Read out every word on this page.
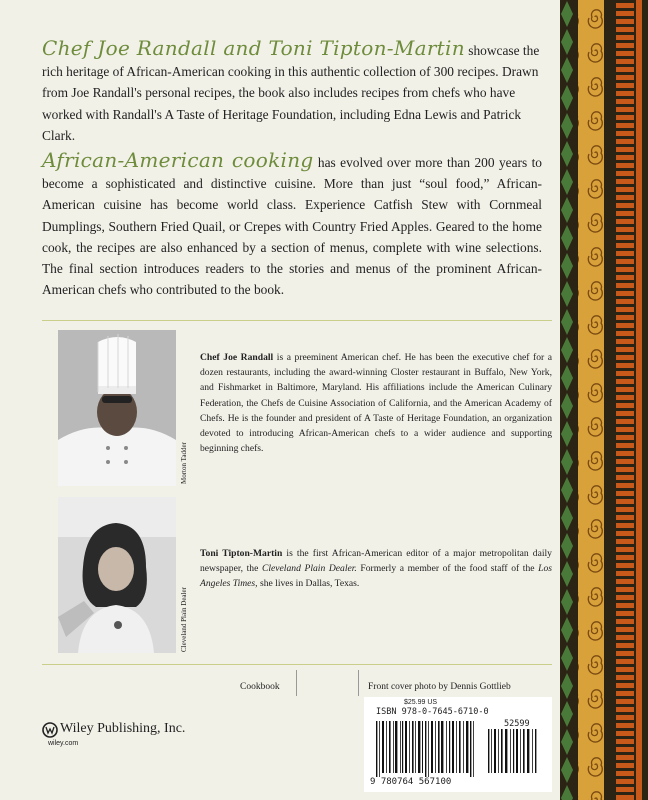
Chef Joe Randall and Toni Tipton-Martin showcase the rich heritage of African-American cooking in this authentic collection of 300 recipes. Drawn from Joe Randall's personal recipes, the book also includes recipes from chefs who have worked with Randall's A Taste of Heritage Foundation, including Edna Lewis and Patrick Clark.

African-American cooking has evolved over more than 200 years to become a sophisticated and distinctive cuisine. More than just “soul food,” African-American cuisine has become world class. Experience Catfish Stew with Cornmeal Dumplings, Southern Fried Quail, or Crepes with Country Fried Apples. Geared to the home cook, the recipes are also enhanced by a section of menus, complete with wine selections. The final section introduces readers to the stories and menus of the prominent African-American chefs who contributed to the book.

Morton Tadder

Chef Joe Randall is a preeminent American chef. He has been the executive chef for a dozen restaurants, including the award-winning Closter restaurant in Buffalo, New York, and Fishmarket in Baltimore, Maryland. His affiliations include the American Culinary Federation, the Chefs de Cuisine Association of California, and the American Academy of Chefs. He is the founder and president of A Taste of Heritage Foundation, an organization devoted to introducing African-American chefs to a wider audience and supporting beginning chefs.

Cleveland Plain Dealer

Toni Tipton-Martin is the first African-American editor of a major metropolitan daily newspaper, the Cleveland Plain Dealer. Formerly a member of the food staff of the Los Angeles Times, she lives in Dallas, Texas.

Cookbook	Front cover photo by Dennis Gottlieb
Wiley Publishing, Inc.
wiley.com
$25.99 US
ISBN 978-0-7645-6710-0
52599
9 780764 567100
